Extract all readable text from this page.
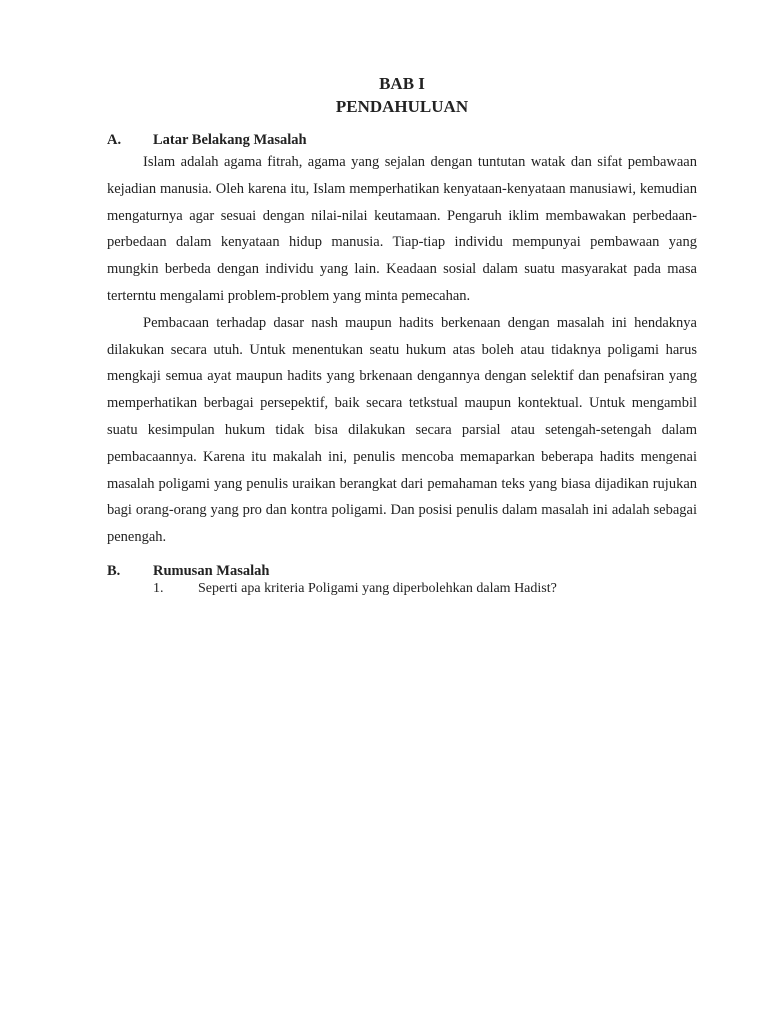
BAB I
PENDAHULUAN
A.	Latar Belakang Masalah

Islam adalah agama fitrah, agama yang sejalan dengan tuntutan watak dan sifat pembawaan kejadian manusia. Oleh karena itu, Islam memperhatikan kenyataan-kenyataan manusiawi, kemudian mengaturnya agar sesuai dengan nilai-nilai keutamaan. Pengaruh iklim membawakan perbedaan-perbedaan dalam kenyataan hidup manusia. Tiap-tiap individu mempunyai pembawaan yang mungkin berbeda dengan individu yang lain. Keadaan sosial dalam suatu masyarakat pada masa terterntu mengalami problem-problem yang minta pemecahan.

Pembacaan terhadap dasar nash maupun hadits berkenaan dengan masalah ini hendaknya dilakukan secara utuh. Untuk menentukan seatu hukum atas boleh atau tidaknya poligami harus mengkaji semua ayat maupun hadits yang brkenaan dengannya dengan selektif dan penafsiran yang memperhatikan berbagai persepektif, baik secara tetkstual maupun kontektual. Untuk mengambil suatu kesimpulan hukum tidak bisa dilakukan secara parsial atau setengah-setengah dalam pembacaannya. Karena itu makalah ini, penulis mencoba memaparkan beberapa hadits mengenai masalah poligami yang penulis uraikan berangkat dari pemahaman teks yang biasa dijadikan rujukan bagi orang-orang yang pro dan kontra poligami. Dan posisi penulis dalam masalah ini adalah sebagai penengah.

B.	Rumusan Masalah
1.	Seperti apa kriteria Poligami yang diperbolehkan dalam Hadist?
